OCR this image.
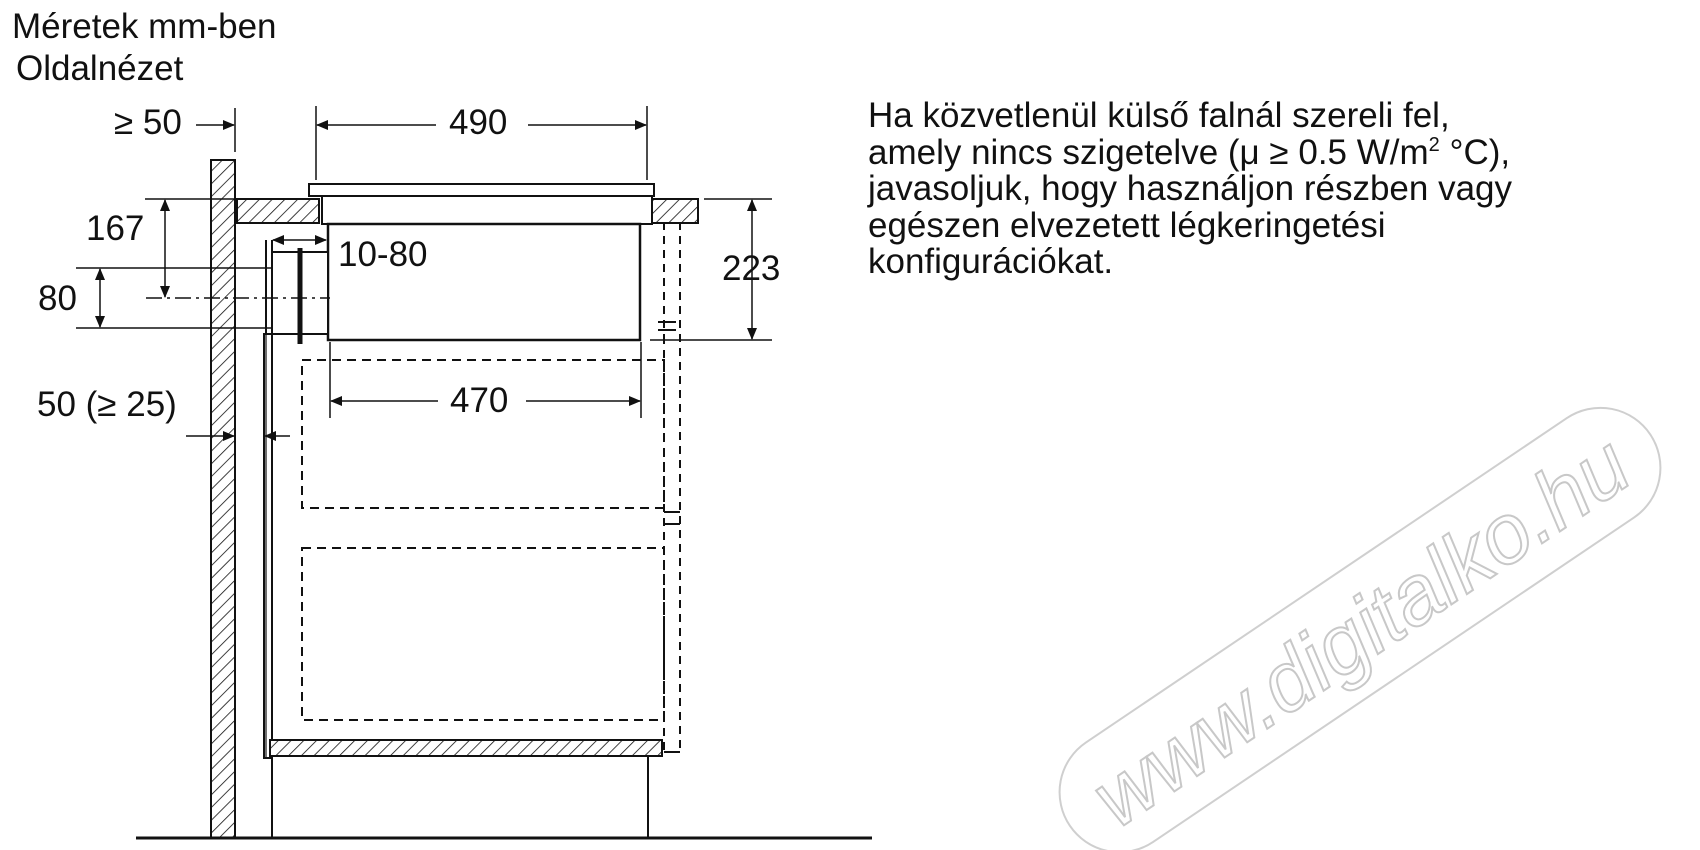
Méretek mm-ben
Oldalnézet
≥ 50	490
167
10-80
80
223
470
50 (≥ 25)
Ha közvetlenül külső falnál szereli fel,
amely nincs szigetelve (μ ≥ 0.5 $W/m^2$ °C),
javasoljuk, hogy használjon részben vagy
egészen elvezetett légkeringetési
konfigurációkat.
www.digitalko.hu
